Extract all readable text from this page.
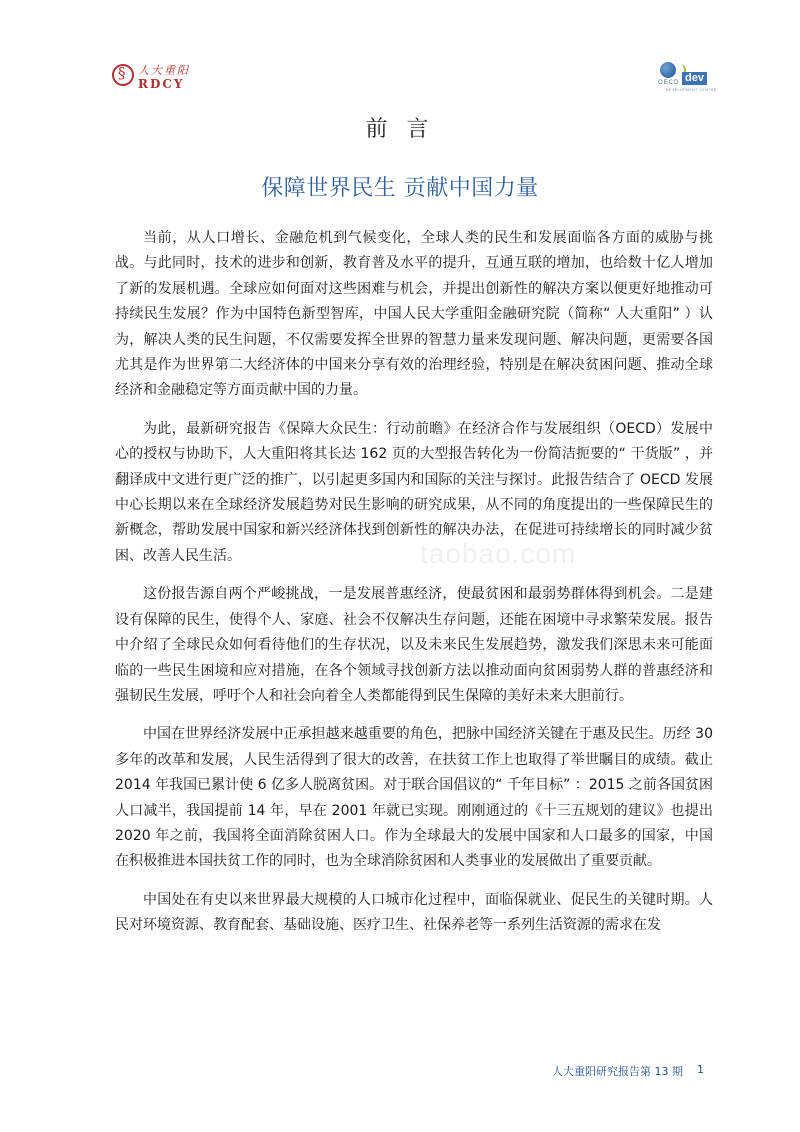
§
人大重阳
RDCY	OECD dev
DEVELOPMENT CENTRE
前 言
保障世界民生 贡献中国力量
taobao.com

当前，从人口增长、金融危机到气候变化，全球人类的民生和发展面临各方面的威胁与挑战。与此同时，技术的进步和创新，教育普及水平的提升，互通互联的增加，也给数十亿人增加了新的发展机遇。全球应如何面对这些困难与机会，并提出创新性的解决方案以便更好地推动可持续民生发展？作为中国特色新型智库，中国人民大学重阳金融研究院（简称“ 人大重阳” ）认为，解决人类的民生问题，不仅需要发挥全世界的智慧力量来发现问题、解决问题，更需要各国尤其是作为世界第二大经济体的中国来分享有效的治理经验，特别是在解决贫困问题、推动全球经济和金融稳定等方面贡献中国的力量。

为此，最新研究报告《保障大众民生：行动前瞻》在经济合作与发展组织（OECD）发展中心的授权与协助下，人大重阳将其长达 162 页的大型报告转化为一份简洁扼要的“ 干货版” ，并翻译成中文进行更广泛的推广，以引起更多国内和国际的关注与探讨。此报告结合了 OECD 发展中心长期以来在全球经济发展趋势对民生影响的研究成果，从不同的角度提出的一些保障民生的新概念，帮助发展中国家和新兴经济体找到创新性的解决办法，在促进可持续增长的同时减少贫困、改善人民生活。

这份报告源自两个严峻挑战，一是发展普惠经济，使最贫困和最弱势群体得到机会。二是建设有保障的民生，使得个人、家庭、社会不仅解决生存问题，还能在困境中寻求繁荣发展。报告中介绍了全球民众如何看待他们的生存状况，以及未来民生发展趋势，激发我们深思未来可能面临的一些民生困境和应对措施，在各个领域寻找创新方法以推动面向贫困弱势人群的普惠经济和强韧民生发展，呼吁个人和社会向着全人类都能得到民生保障的美好未来大胆前行。

中国在世界经济发展中正承担越来越重要的角色，把脉中国经济关键在于惠及民生。历经 30 多年的改革和发展，人民生活得到了很大的改善，在扶贫工作上也取得了举世瞩目的成绩。截止 2014 年我国已累计使 6 亿多人脱离贫困。对于联合国倡议的“ 千年目标” ：2015 之前各国贫困人口减半，我国提前 14 年，早在 2001 年就已实现。刚刚通过的《十三五规划的建议》也提出 2020 年之前，我国将全面消除贫困人口。作为全球最大的发展中国家和人口最多的国家，中国在积极推进本国扶贫工作的同时，也为全球消除贫困和人类事业的发展做出了重要贡献。

中国处在有史以来世界最大规模的人口城市化过程中，面临保就业、促民生的关键时期。人民对环境资源、教育配套、基础设施、医疗卫生、社保养老等一系列生活资源的需求在发

人大重阳研究报告第 13 期 1
